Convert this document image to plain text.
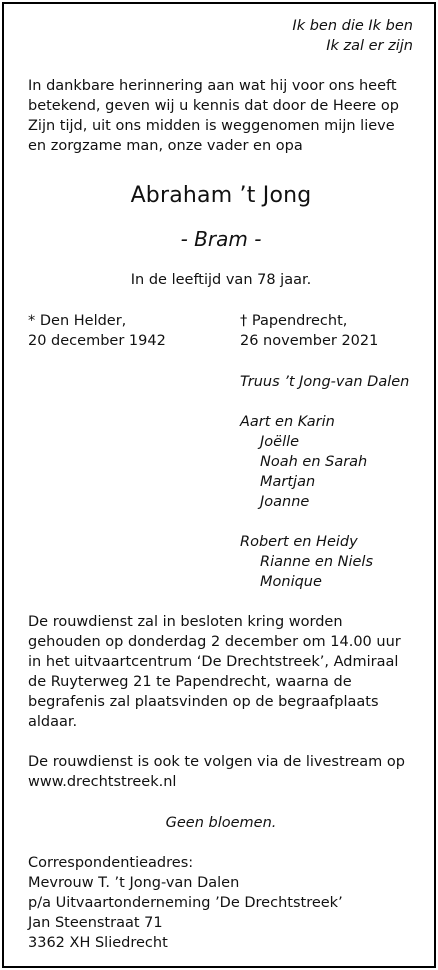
Ik ben die Ik ben
Ik zal er zijn
In dankbare herinnering aan wat hij voor ons heeft
betekend, geven wij u kennis dat door de Heere op
Zijn tijd, uit ons midden is weggenomen mijn lieve
en zorgzame man, onze vader en opa
Abraham ’t Jong
- Bram -
In de leeftijd van 78 jaar.
* Den Helder,
20 december 1942
† Papendrecht,
26 november 2021
Truus ’t Jong-van Dalen
Aart en Karin
Joëlle
Noah en Sarah
Martjan
Joanne
Robert en Heidy
Rianne en Niels
Monique
De rouwdienst zal in besloten kring worden
gehouden op donderdag 2 december om 14.00 uur
in het uitvaartcentrum ‘De Drechtstreek’, Admiraal
de Ruyterweg 21 te Papendrecht, waarna de
begrafenis zal plaatsvinden op de begraafplaats
aldaar.
De rouwdienst is ook te volgen via de livestream op
www.drechtstreek.nl
Geen bloemen.
Correspondentieadres:
Mevrouw T. ’t Jong-van Dalen
p/a Uitvaartonderneming ’De Drechtstreek’
Jan Steenstraat 71
3362 XH Sliedrecht
